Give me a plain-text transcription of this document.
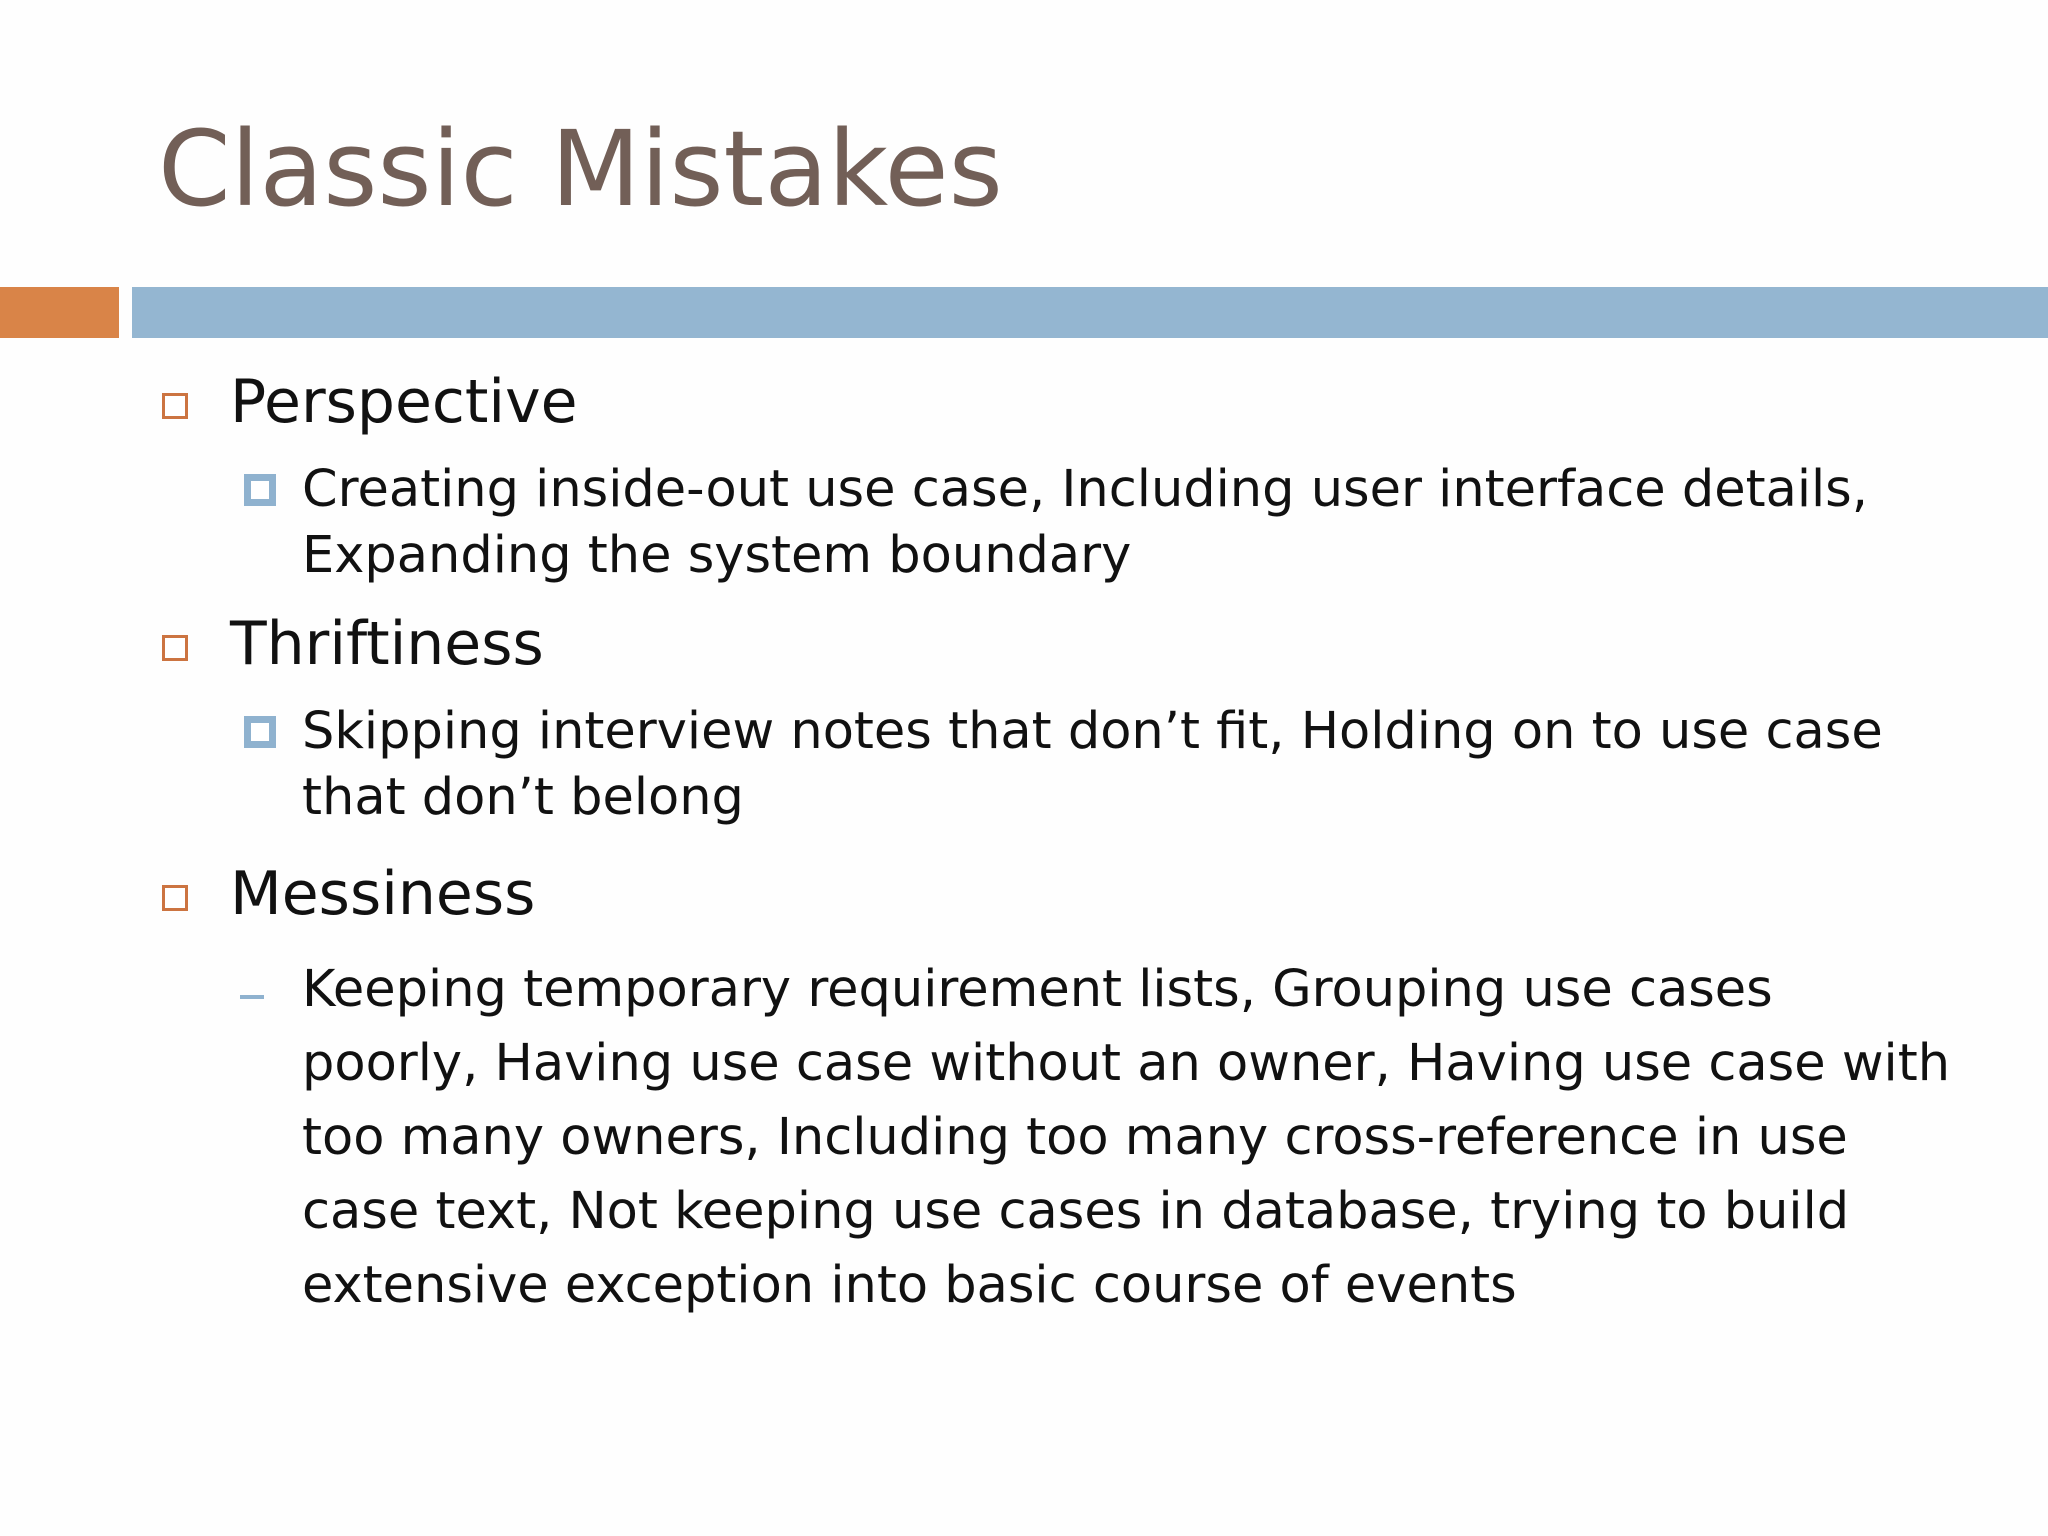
Classic Mistakes
Perspective
Creating inside-out use case, Including user interface details, Expanding the system boundary
Thriftiness
Skipping interview notes that don’t fit, Holding on to use case that don’t belong
Messiness
Keeping temporary requirement lists, Grouping use cases poorly, Having use case without an owner, Having use case with too many owners, Including too many cross-reference in use case text, Not keeping use cases in database, trying to build extensive exception into basic course of events
